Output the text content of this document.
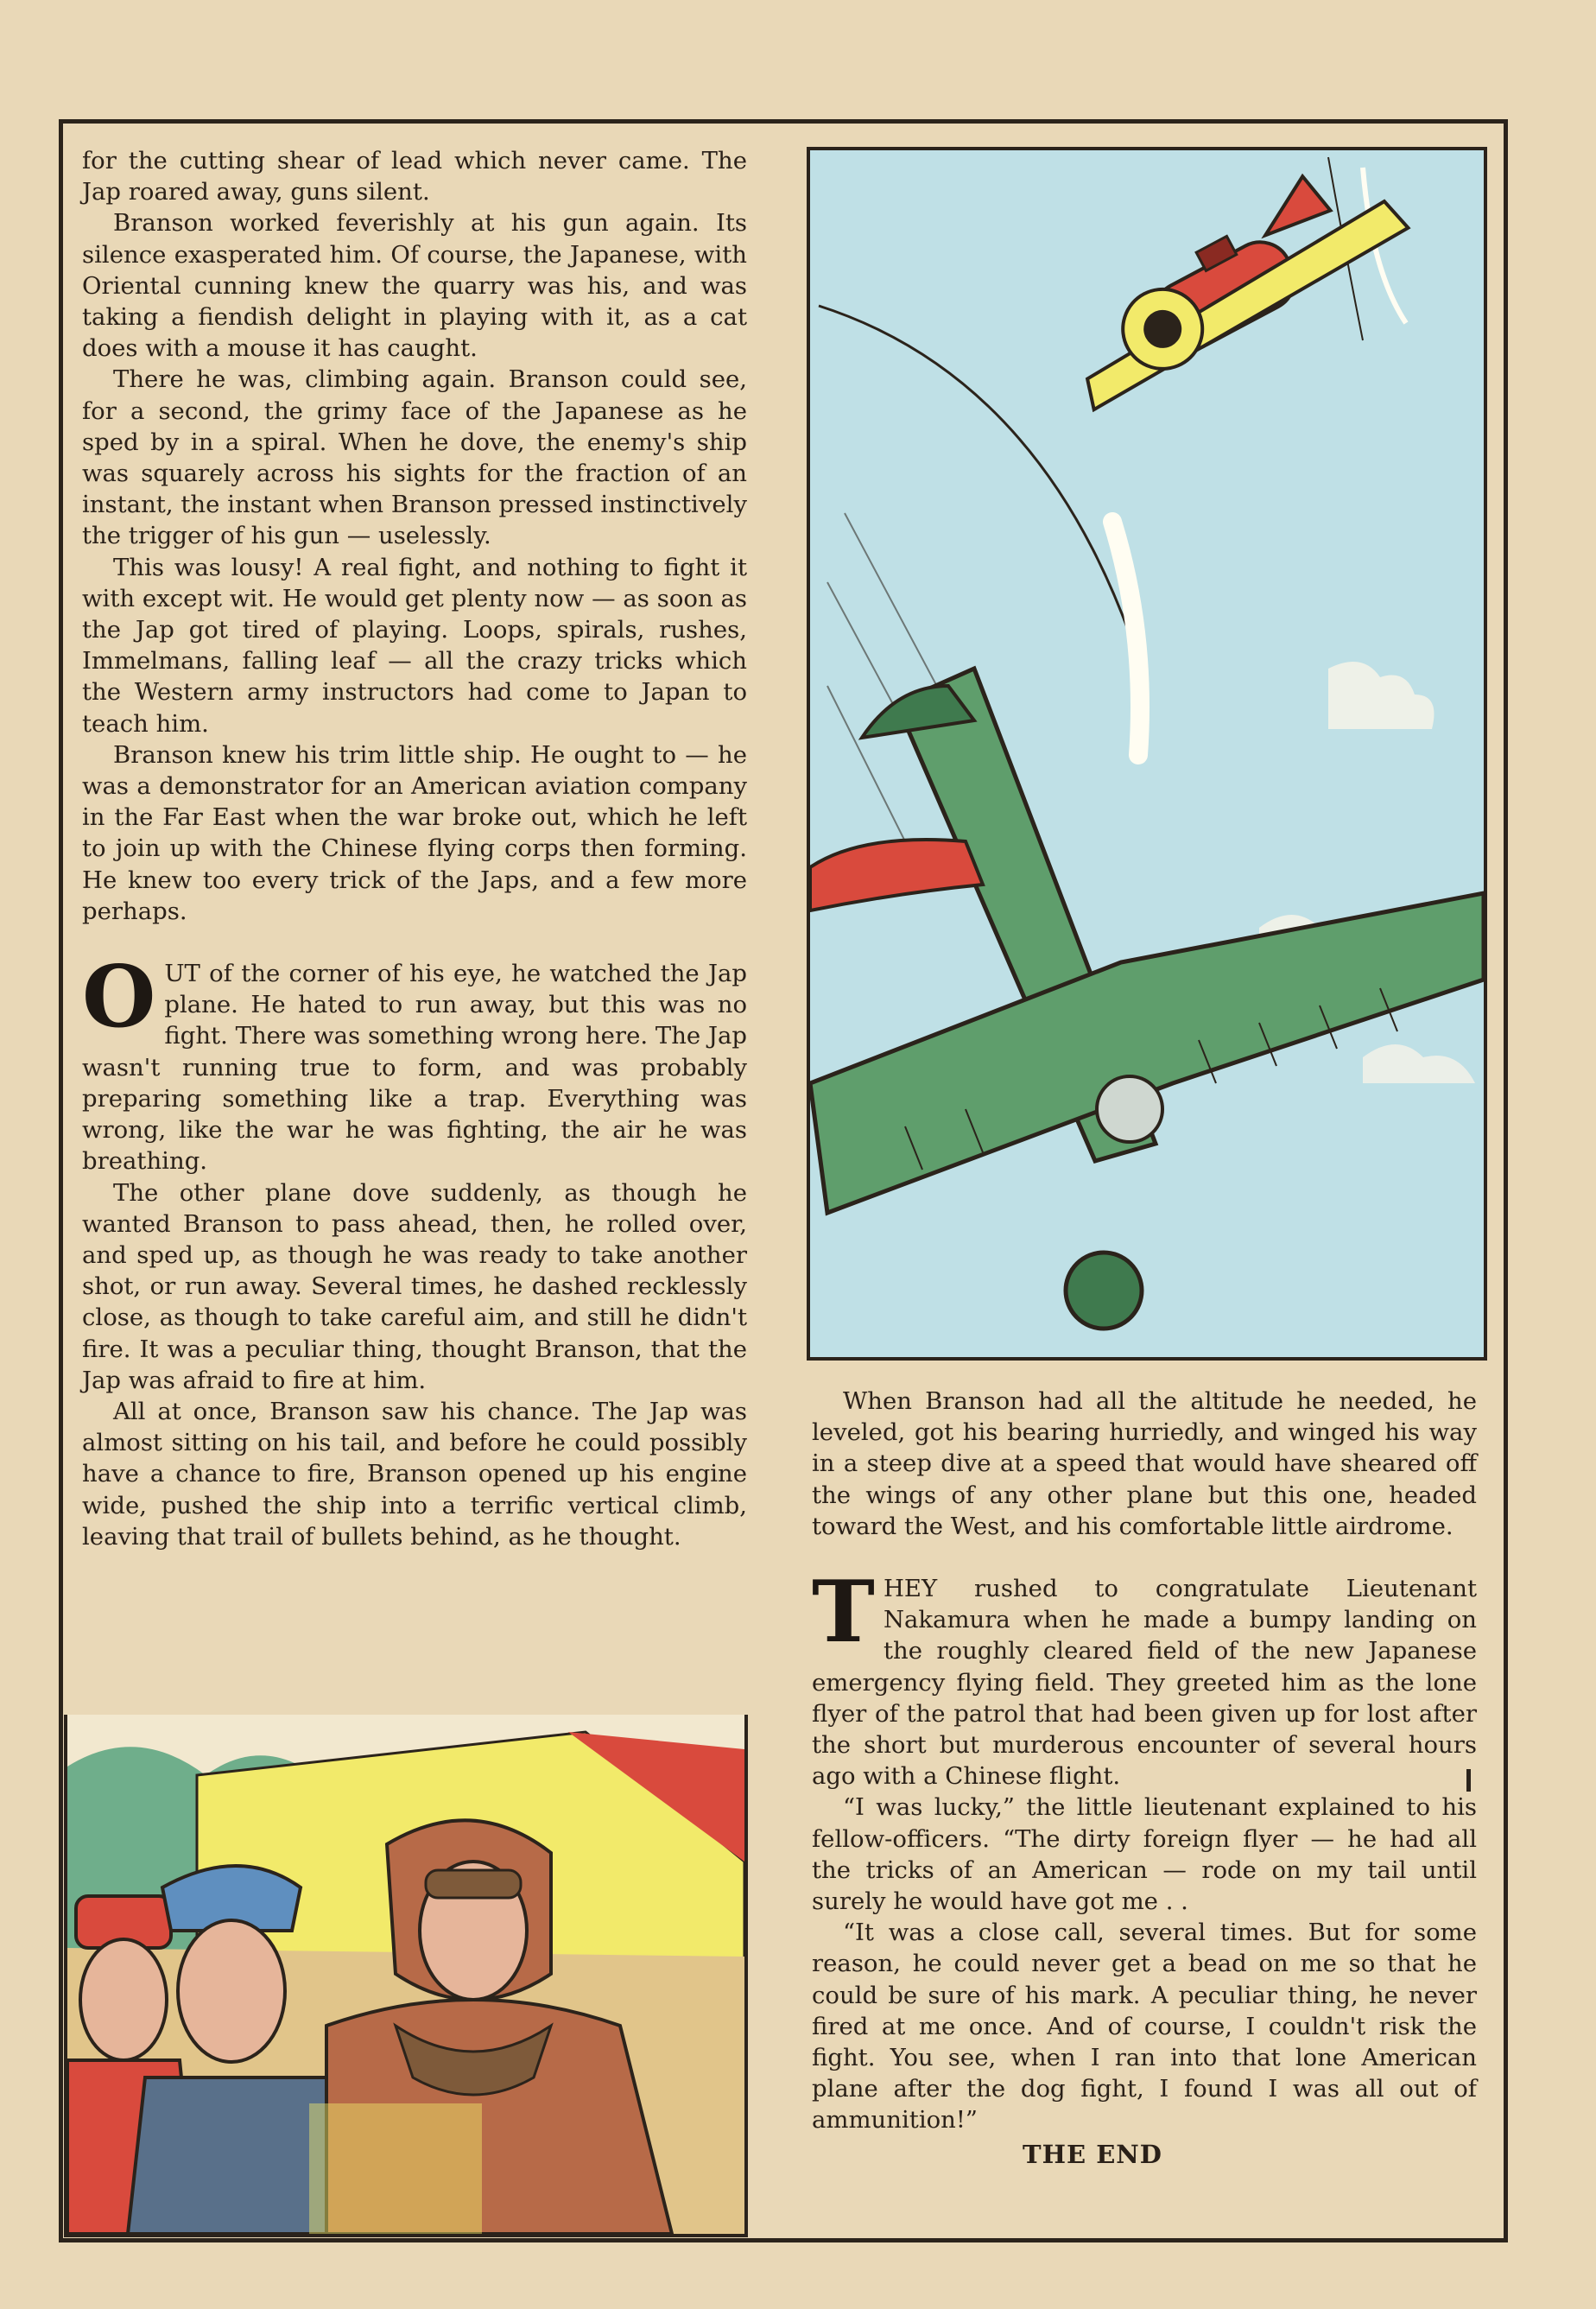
for the cutting shear of lead which never came. The Jap roared away, guns silent.

Branson worked feverishly at his gun again. Its silence exasperated him. Of course, the Japanese, with Oriental cunning knew the quarry was his, and was taking a fiendish delight in playing with it, as a cat does with a mouse it has caught.

There he was, climbing again. Branson could see, for a second, the grimy face of the Japanese as he sped by in a spiral. When he dove, the enemy's ship was squarely across his sights for the fraction of an instant, the instant when Branson pressed instinctively the trigger of his gun — uselessly.

This was lousy! A real fight, and nothing to fight it with except wit. He would get plenty now — as soon as the Jap got tired of playing. Loops, spirals, rushes, Immelmans, falling leaf — all the crazy tricks which the Western army instructors had come to Japan to teach him.

Branson knew his trim little ship. He ought to — he was a demonstrator for an American aviation company in the Far East when the war broke out, which he left to join up with the Chinese flying corps then forming. He knew too every trick of the Japs, and a few more perhaps.

O UT of the corner of his eye, he watched the Jap plane. He hated to run away, but this was no fight. There was something wrong here. The Jap wasn't running true to form, and was probably preparing something like a trap. Everything was wrong, like the war he was fighting, the air he was breathing.

The other plane dove suddenly, as though he wanted Branson to pass ahead, then, he rolled over, and sped up, as though he was ready to take another shot, or run away. Several times, he dashed recklessly close, as though to take careful aim, and still he didn't fire. It was a peculiar thing, thought Branson, that the Jap was afraid to fire at him.

All at once, Branson saw his chance. The Jap was almost sitting on his tail, and before he could possibly have a chance to fire, Branson opened up his engine wide, pushed the ship into a terrific vertical climb, leaving that trail of bullets behind, as he thought.

When Branson had all the altitude he needed, he leveled, got his bearing hurriedly, and winged his way in a steep dive at a speed that would have sheared off the wings of any other plane but this one, headed toward the West, and his comfortable little airdrome.

T HEY rushed to congratulate Lieutenant Nakamura when he made a bumpy landing on the roughly cleared field of the new Japanese emergency flying field. They greeted him as the lone flyer of the patrol that had been given up for lost after the short but murderous encounter of several hours ago with a Chinese flight.

“I was lucky,” the little lieutenant explained to his fellow-officers. “The dirty foreign flyer — he had all the tricks of an American — rode on my tail until surely he would have got me . .

“It was a close call, several times. But for some reason, he could never get a bead on me so that he could be sure of his mark. A peculiar thing, he never fired at me once. And of course, I couldn't risk the fight. You see, when I ran into that lone American plane after the dog fight, I found I was all out of ammunition!”

THE END
